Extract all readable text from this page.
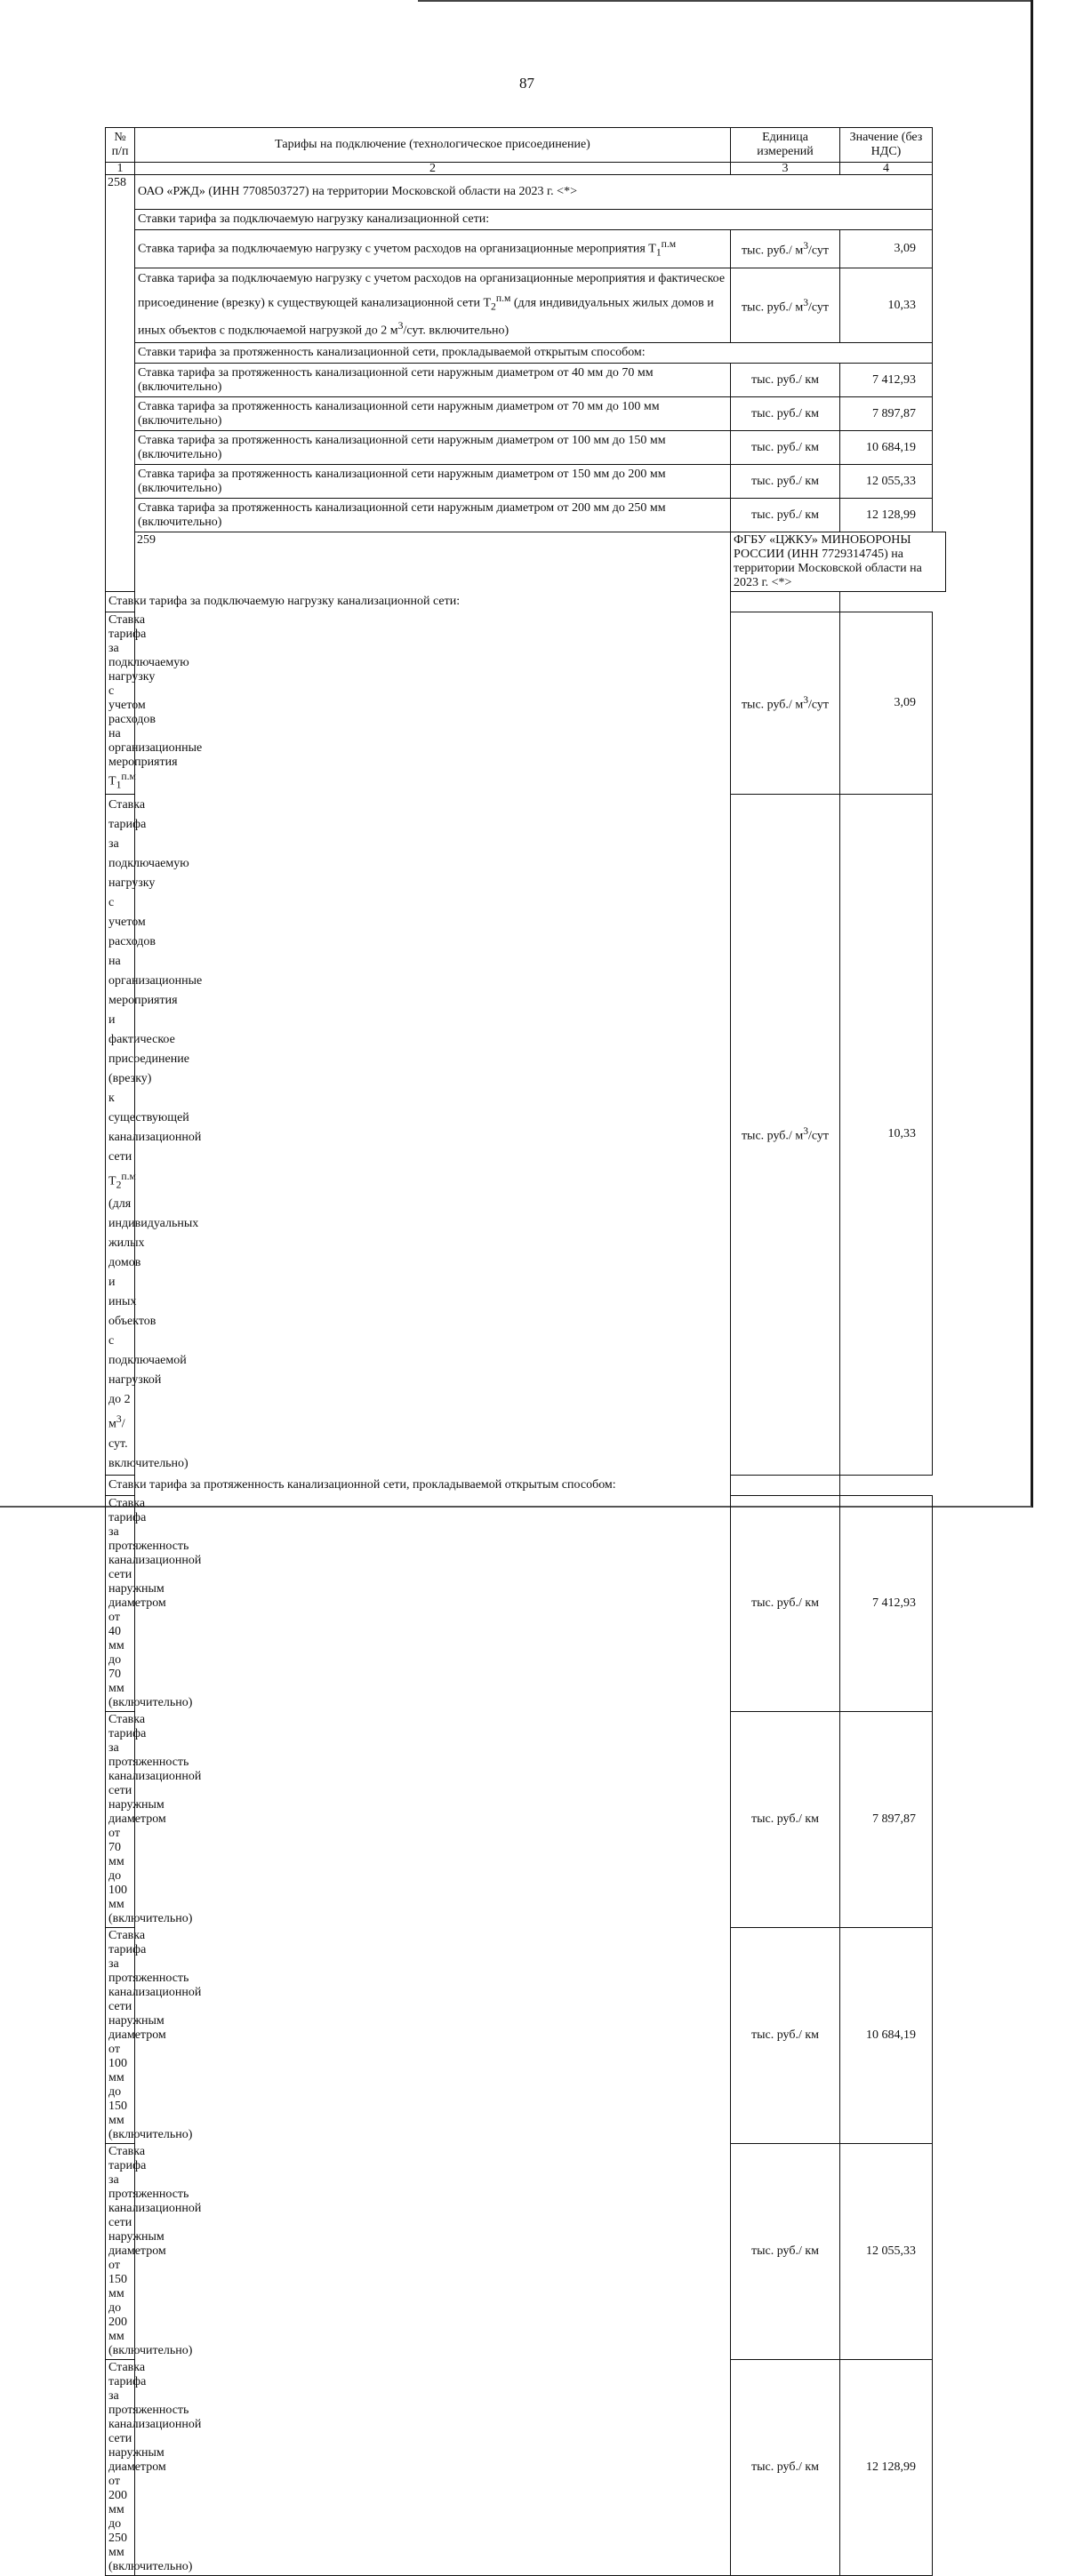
87
№ п/п	Тарифы на подключение (технологическое присоединение)	Единица измерений	Значение (без НДС)
1	2	3	4
258	ОАО «РЖД» (ИНН 7708503727) на территории Московской области на 2023 г. <*>		
	Ставки тарифа за подключаемую нагрузку канализационной сети:		
	Ставка тарифа за подключаемую нагрузку с учетом расходов на организационные мероприятия $T_1^{п.м}$	тыс. руб./ $м^3$/сут	3,09
	Ставка тарифа за подключаемую нагрузку с учетом расходов на организационные мероприятия и фактическое присоединение (врезку) к существующей канализационной сети $T_2^{п.м}$ (для индивидуальных жилых домов и иных объектов с подключаемой нагрузкой до 2 $м^3$/сут. включительно)	тыс. руб./ $м^3$/сут	10,33
	Ставки тарифа за протяженность канализационной сети, прокладываемой открытым способом:		
	Ставка тарифа за протяженность канализационной сети наружным диаметром от 40 мм до 70 мм (включительно)	тыс. руб./ км	7 412,93
	Ставка тарифа за протяженность канализационной сети наружным диаметром от 70 мм до 100 мм (включительно)	тыс. руб./ км	7 897,87
	Ставка тарифа за протяженность канализационной сети наружным диаметром от 100 мм до 150 мм (включительно)	тыс. руб./ км	10 684,19
	Ставка тарифа за протяженность канализационной сети наружным диаметром от 150 мм до 200 мм (включительно)	тыс. руб./ км	12 055,33
	Ставка тарифа за протяженность канализационной сети наружным диаметром от 200 мм до 250 мм (включительно)	тыс. руб./ км	12 128,99
	259	ФГБУ «ЦЖКУ» МИНОБОРОНЫ РОССИИ (ИНН 7729314745) на территории Московской области на 2023 г. <*>	
Ставки тарифа за подключаемую нагрузку канализационной сети:			
Ставка тарифа за подключаемую нагрузку с учетом расходов на организационные мероприятия $T_1^{п.м}$		тыс. руб./ $м^3$/сут	3,09
Ставка тарифа за подключаемую нагрузку с учетом расходов на организационные мероприятия и фактическое присоединение (врезку) к существующей канализационной сети $T_2^{п.м}$ (для индивидуальных жилых домов и иных объектов с подключаемой нагрузкой до 2 $м^3$/сут. включительно)		тыс. руб./ $м^3$/сут	10,33
Ставки тарифа за протяженность канализационной сети, прокладываемой открытым способом:			
Ставка тарифа за протяженность канализационной сети наружным диаметром от 40 мм до 70 мм (включительно)		тыс. руб./ км	7 412,93
Ставка тарифа за протяженность канализационной сети наружным диаметром от 70 мм до 100 мм (включительно)		тыс. руб./ км	7 897,87
Ставка тарифа за протяженность канализационной сети наружным диаметром от 100 мм до 150 мм (включительно)		тыс. руб./ км	10 684,19
Ставка тарифа за протяженность канализационной сети наружным диаметром от 150 мм до 200 мм (включительно)		тыс. руб./ км	12 055,33
Ставка тарифа за протяженность канализационной сети наружным диаметром от 200 мм до 250 мм (включительно)		тыс. руб./ км	12 128,99
